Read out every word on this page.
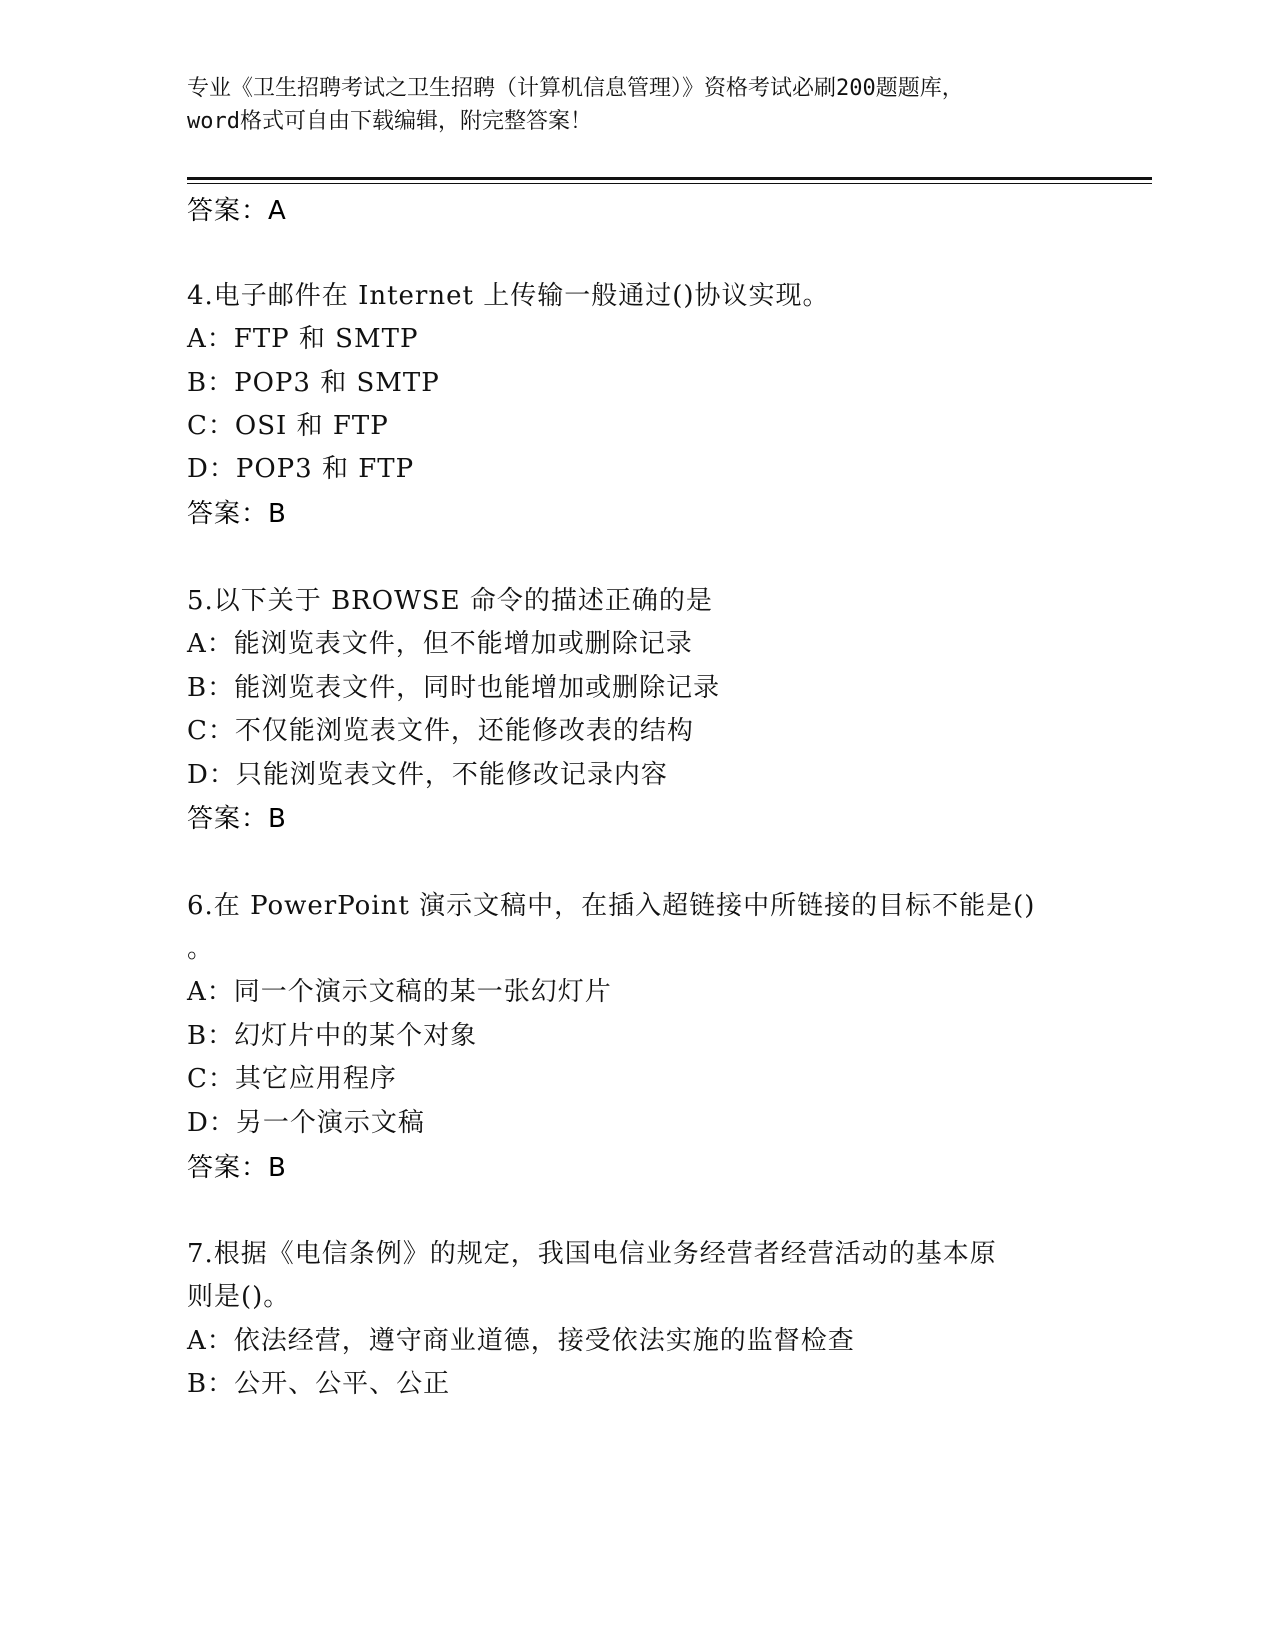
专业《卫生招聘考试之卫生招聘（计算机信息管理）》资格考试必刷200题题库，
word格式可自由下载编辑，附完整答案！
答案：A
4.电子邮件在 Internet 上传输一般通过()协议实现。
A：FTP 和 SMTP
B：POP3 和 SMTP
C：OSI 和 FTP
D：POP3 和 FTP
答案：B
5.以下关于 BROWSE 命令的描述正确的是
A：能浏览表文件，但不能增加或删除记录
B：能浏览表文件，同时也能增加或删除记录
C：不仅能浏览表文件，还能修改表的结构
D：只能浏览表文件，不能修改记录内容
答案：B
6.在 PowerPoint 演示文稿中，在插入超链接中所链接的目标不能是()
。
A：同一个演示文稿的某一张幻灯片
B：幻灯片中的某个对象
C：其它应用程序
D：另一个演示文稿
答案：B
7.根据《电信条例》的规定，我国电信业务经营者经营活动的基本原
则是()。
A：依法经营，遵守商业道德，接受依法实施的监督检查
B：公开、公平、公正
